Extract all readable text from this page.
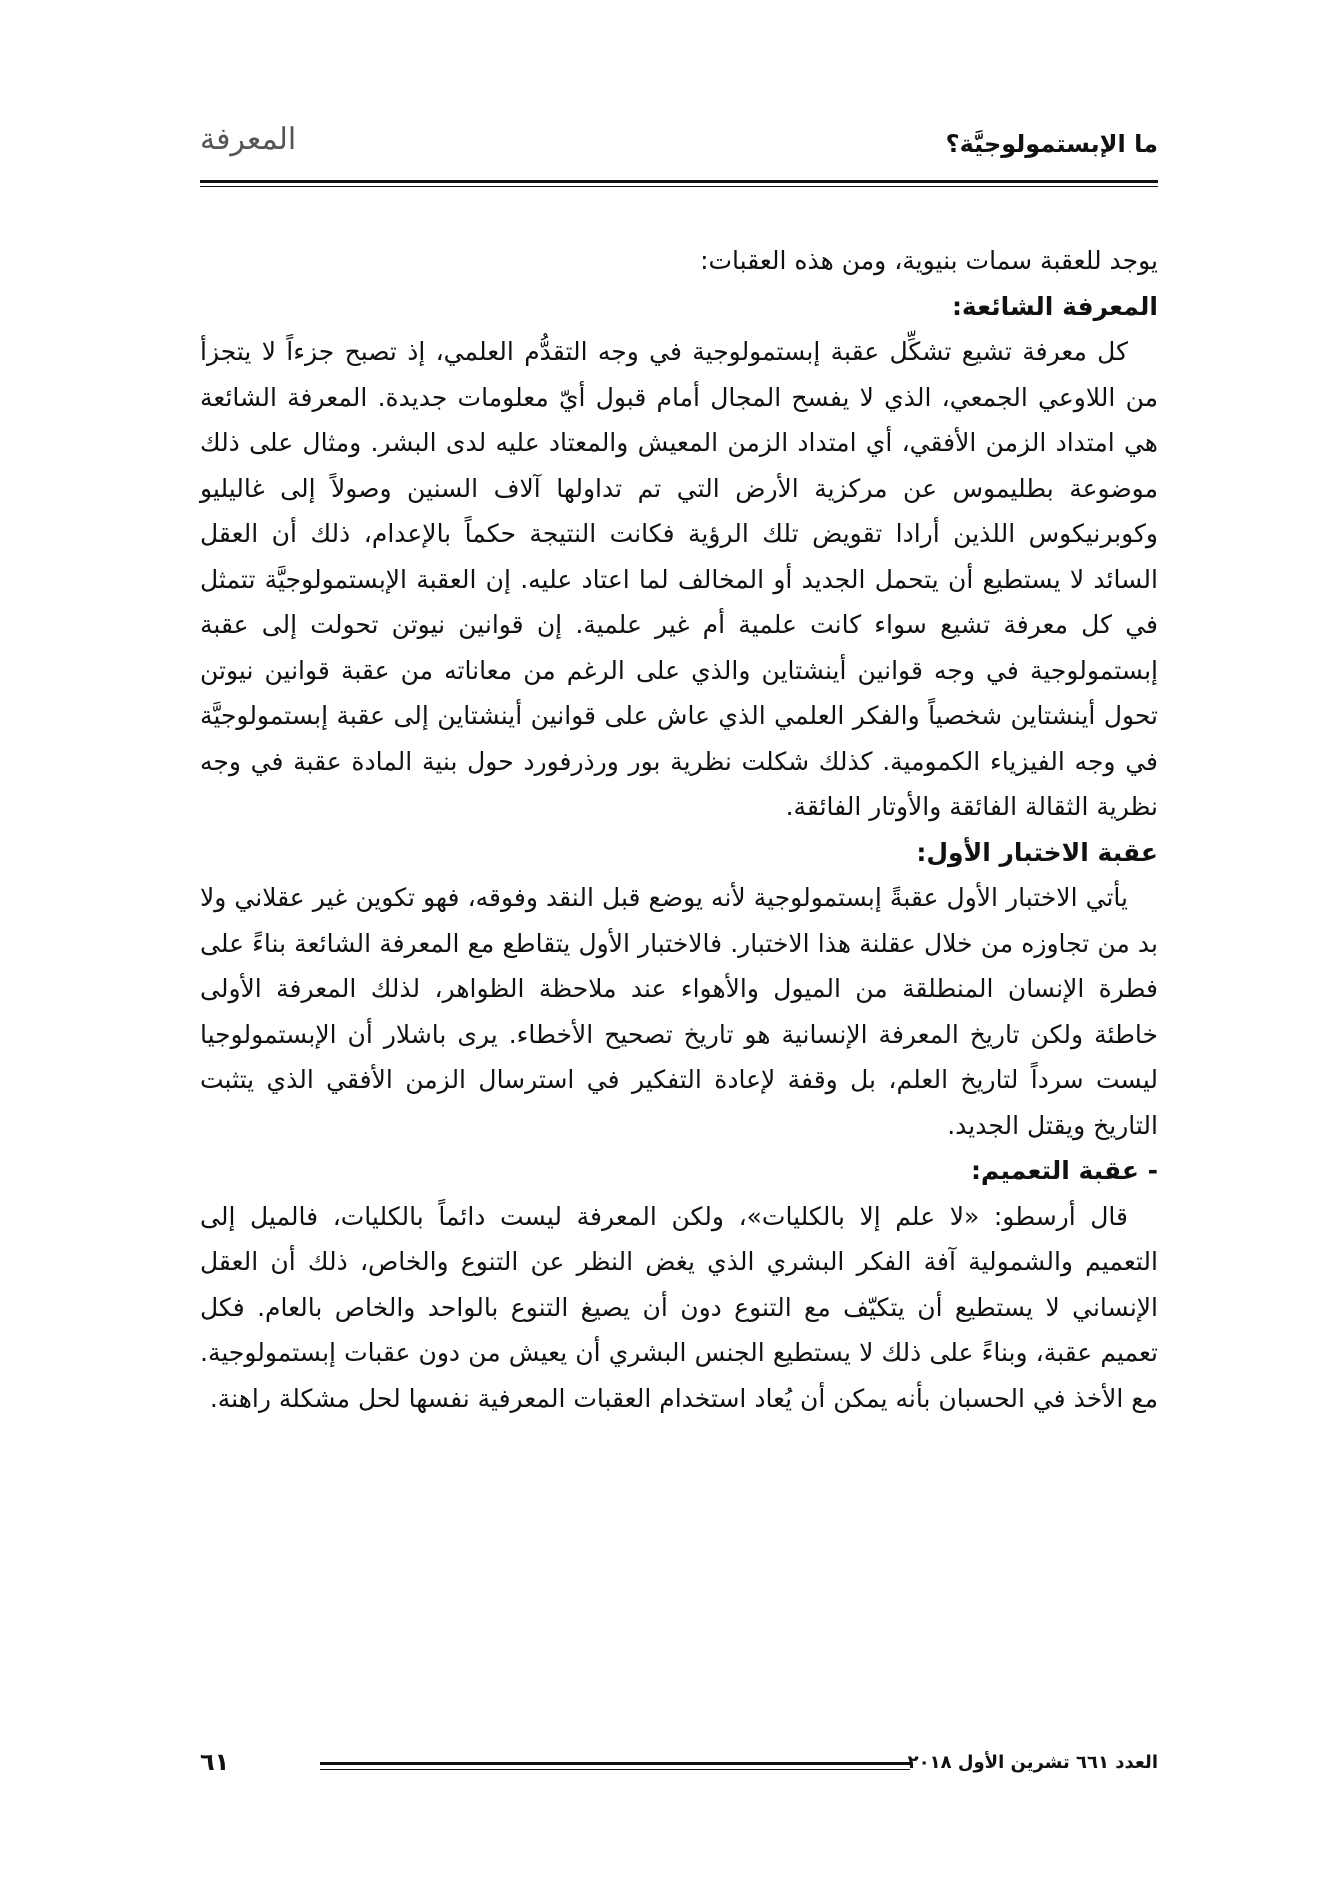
ما الإبستمولوجيَّة؟
المعرفة

يوجد للعقبة سمات بنيوية، ومن هذه العقبات:

المعرفة الشائعة:

كل معرفة تشيع تشكِّل عقبة إبستمولوجية في وجه التقدُّم العلمي، إذ تصبح جزءاً لا يتجزأ من اللاوعي الجمعي، الذي لا يفسح المجال أمام قبول أيّ معلومات جديدة. المعرفة الشائعة هي امتداد الزمن الأفقي، أي امتداد الزمن المعيش والمعتاد عليه لدى البشر. ومثال على ذلك موضوعة بطليموس عن مركزية الأرض التي تم تداولها آلاف السنين وصولاً إلى غاليليو وكوبرنيكوس اللذين أرادا تقويض تلك الرؤية فكانت النتيجة حكماً بالإعدام، ذلك أن العقل السائد لا يستطيع أن يتحمل الجديد أو المخالف لما اعتاد عليه. إن العقبة الإبستمولوجيَّة تتمثل في كل معرفة تشيع سواء كانت علمية أم غير علمية. إن قوانين نيوتن تحولت إلى عقبة إبستمولوجية في وجه قوانين أينشتاين والذي على الرغم من معاناته من عقبة قوانين نيوتن تحول أينشتاين شخصياً والفكر العلمي الذي عاش على قوانين أينشتاين إلى عقبة إبستمولوجيَّة في وجه الفيزياء الكمومية. كذلك شكلت نظرية بور ورذرفورد حول بنية المادة عقبة في وجه نظرية الثقالة الفائقة والأوتار الفائقة.

عقبة الاختبار الأول:

يأتي الاختبار الأول عقبةً إبستمولوجية لأنه يوضع قبل النقد وفوقه، فهو تكوين غير عقلاني ولا بد من تجاوزه من خلال عقلنة هذا الاختبار. فالاختبار الأول يتقاطع مع المعرفة الشائعة بناءً على فطرة الإنسان المنطلقة من الميول والأهواء عند ملاحظة الظواهر، لذلك المعرفة الأولى خاطئة ولكن تاريخ المعرفة الإنسانية هو تاريخ تصحيح الأخطاء. يرى باشلار أن الإبستمولوجيا ليست سرداً لتاريخ العلم، بل وقفة لإعادة التفكير في استرسال الزمن الأفقي الذي يتثبت التاريخ ويقتل الجديد.

- عقبة التعميم:

قال أرسطو: «لا علم إلا بالكليات»، ولكن المعرفة ليست دائماً بالكليات، فالميل إلى التعميم والشمولية آفة الفكر البشري الذي يغض النظر عن التنوع والخاص، ذلك أن العقل الإنساني لا يستطيع أن يتكيّف مع التنوع دون أن يصيغ التنوع بالواحد والخاص بالعام. فكل تعميم عقبة، وبناءً على ذلك لا يستطيع الجنس البشري أن يعيش من دون عقبات إبستمولوجية. مع الأخذ في الحسبان بأنه يمكن أن يُعاد استخدام العقبات المعرفية نفسها لحل مشكلة راهنة.

العدد ٦٦١ تشرين الأول ٢٠١٨
٦١
